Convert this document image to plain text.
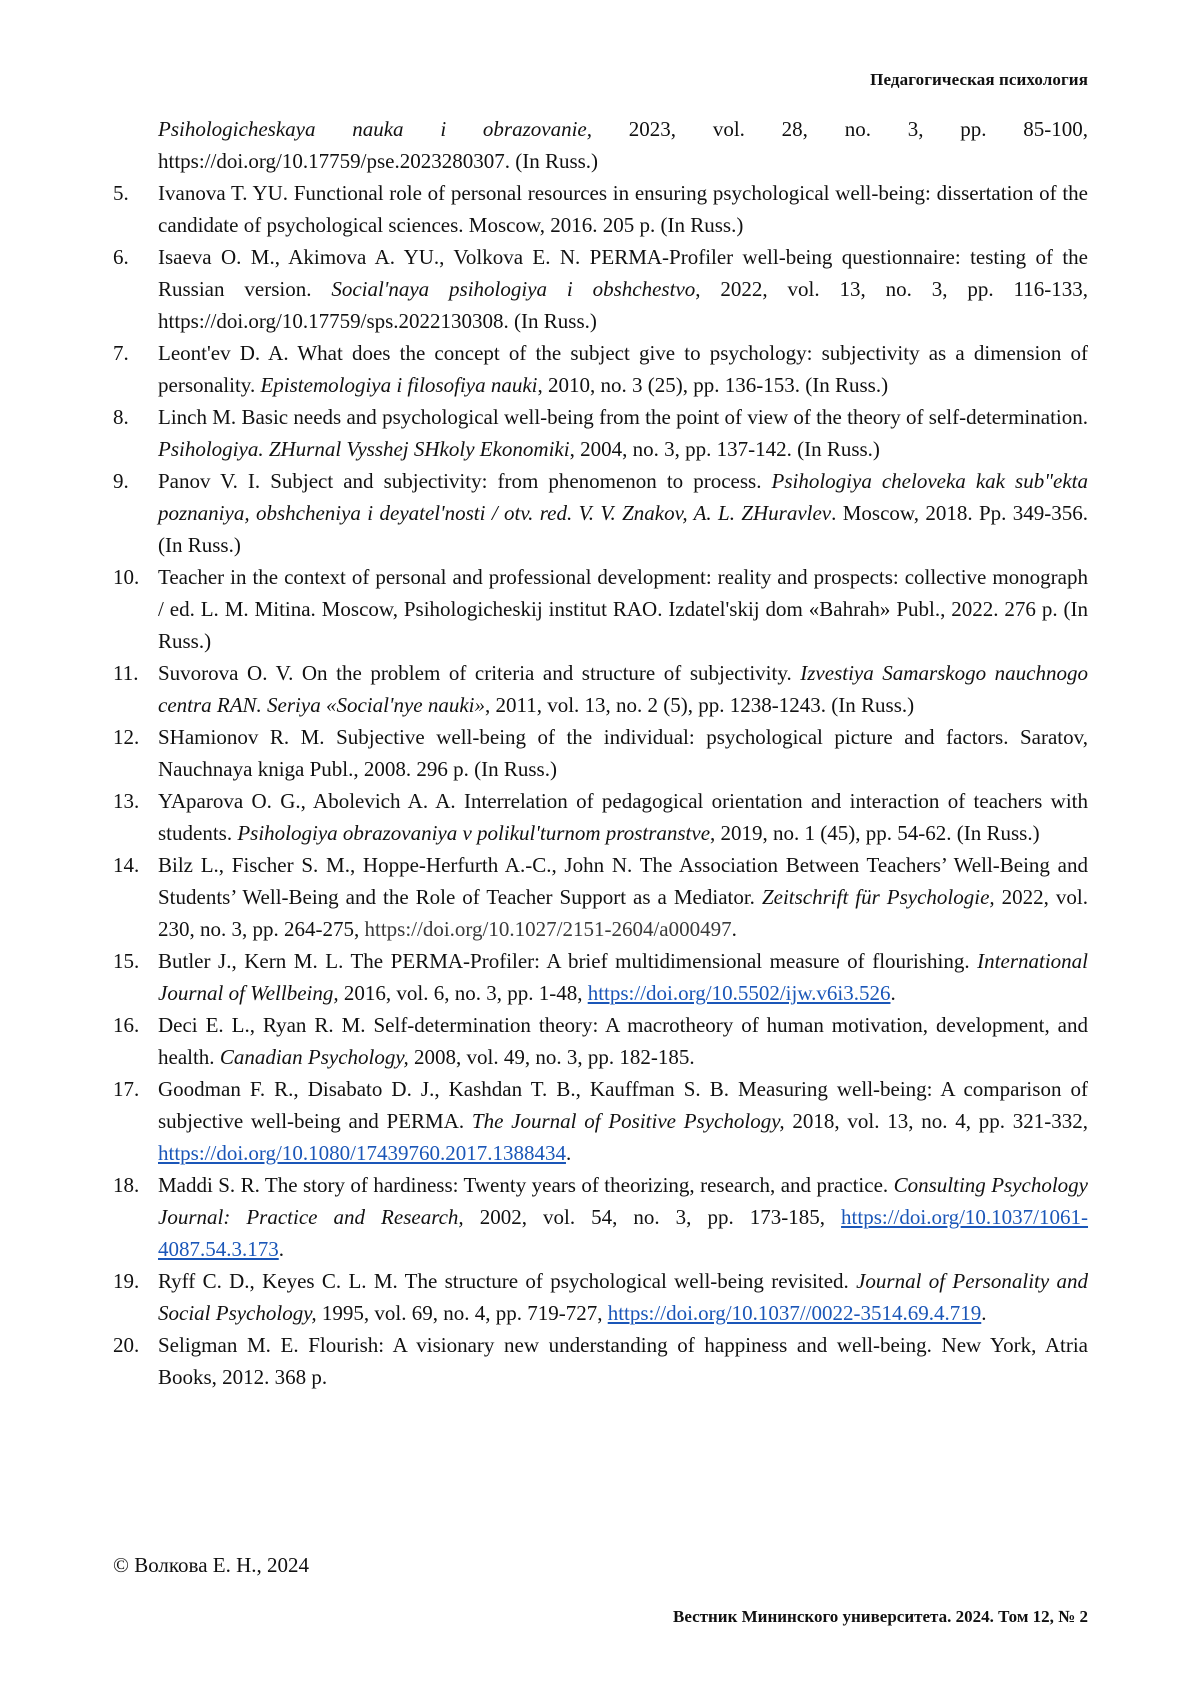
Педагогическая психология
Psihologicheskaya nauka i obrazovanie, 2023, vol. 28, no. 3, pp. 85-100, https://doi.org/10.17759/pse.2023280307. (In Russ.)
5.	Ivanova T. YU. Functional role of personal resources in ensuring psychological well-being: dissertation of the candidate of psychological sciences. Moscow, 2016. 205 p. (In Russ.)
6.	Isaeva O. M., Akimova A. YU., Volkova E. N. PERMA-Profiler well-being questionnaire: testing of the Russian version. Social'naya psihologiya i obshchestvo, 2022, vol. 13, no. 3, pp. 116-133, https://doi.org/10.17759/sps.2022130308. (In Russ.)
7.	Leont'ev D. A. What does the concept of the subject give to psychology: subjectivity as a dimension of personality. Epistemologiya i filosofiya nauki, 2010, no. 3 (25), pp. 136-153. (In Russ.)
8.	Linch M. Basic needs and psychological well-being from the point of view of the theory of self-determination. Psihologiya. ZHurnal Vysshej SHkoly Ekonomiki, 2004, no. 3, pp. 137-142. (In Russ.)
9.	Panov V. I. Subject and subjectivity: from phenomenon to process. Psihologiya cheloveka kak sub"ekta poznaniya, obshcheniya i deyatel'nosti / otv. red. V. V. Znakov, A. L. ZHuravlev. Moscow, 2018. Pp. 349-356. (In Russ.)
10. Teacher in the context of personal and professional development: reality and prospects: collective monograph / ed. L. M. Mitina. Moscow, Psihologicheskij institut RAO. Izdatel'skij dom «Bahrah» Publ., 2022. 276 p. (In Russ.)
11. Suvorova O. V. On the problem of criteria and structure of subjectivity. Izvestiya Samarskogo nauchnogo centra RAN. Seriya «Social'nye nauki», 2011, vol. 13, no. 2 (5), pp. 1238-1243. (In Russ.)
12. SHamionov R. M. Subjective well-being of the individual: psychological picture and factors. Saratov, Nauchnaya kniga Publ., 2008. 296 p. (In Russ.)
13. YAparova O. G., Abolevich A. A. Interrelation of pedagogical orientation and interaction of teachers with students. Psihologiya obrazovaniya v polikul'turnom prostranstve, 2019, no. 1 (45), pp. 54-62. (In Russ.)
14. Bilz L., Fischer S. M., Hoppe-Herfurth A.-C., John N. The Association Between Teachers’ Well-Being and Students’ Well-Being and the Role of Teacher Support as a Mediator. Zeitschrift für Psychologie, 2022, vol. 230, no. 3, pp. 264-275, https://doi.org/10.1027/2151-2604/a000497.
15. Butler J., Kern M. L. The PERMA-Profiler: A brief multidimensional measure of flourishing. International Journal of Wellbeing, 2016, vol. 6, no. 3, pp. 1-48, https://doi.org/10.5502/ijw.v6i3.526.
16. Deci E. L., Ryan R. M. Self-determination theory: A macrotheory of human motivation, development, and health. Canadian Psychology, 2008, vol. 49, no. 3, pp. 182-185.
17. Goodman F. R., Disabato D. J., Kashdan T. B., Kauffman S. B. Measuring well-being: A comparison of subjective well-being and PERMA. The Journal of Positive Psychology, 2018, vol. 13, no. 4, pp. 321-332, https://doi.org/10.1080/17439760.2017.1388434.
18. Maddi S. R. The story of hardiness: Twenty years of theorizing, research, and practice. Consulting Psychology Journal: Practice and Research, 2002, vol. 54, no. 3, pp. 173-185, https://doi.org/10.1037/1061-4087.54.3.173.
19. Ryff C. D., Keyes C. L. M. The structure of psychological well-being revisited. Journal of Personality and Social Psychology, 1995, vol. 69, no. 4, pp. 719-727, https://doi.org/10.1037//0022-3514.69.4.719.
20. Seligman M. E. Flourish: A visionary new understanding of happiness and well-being. New York, Atria Books, 2012. 368 p.
© Волкова Е. Н., 2024
Вестник Мининского университета. 2024. Том 12, № 2
